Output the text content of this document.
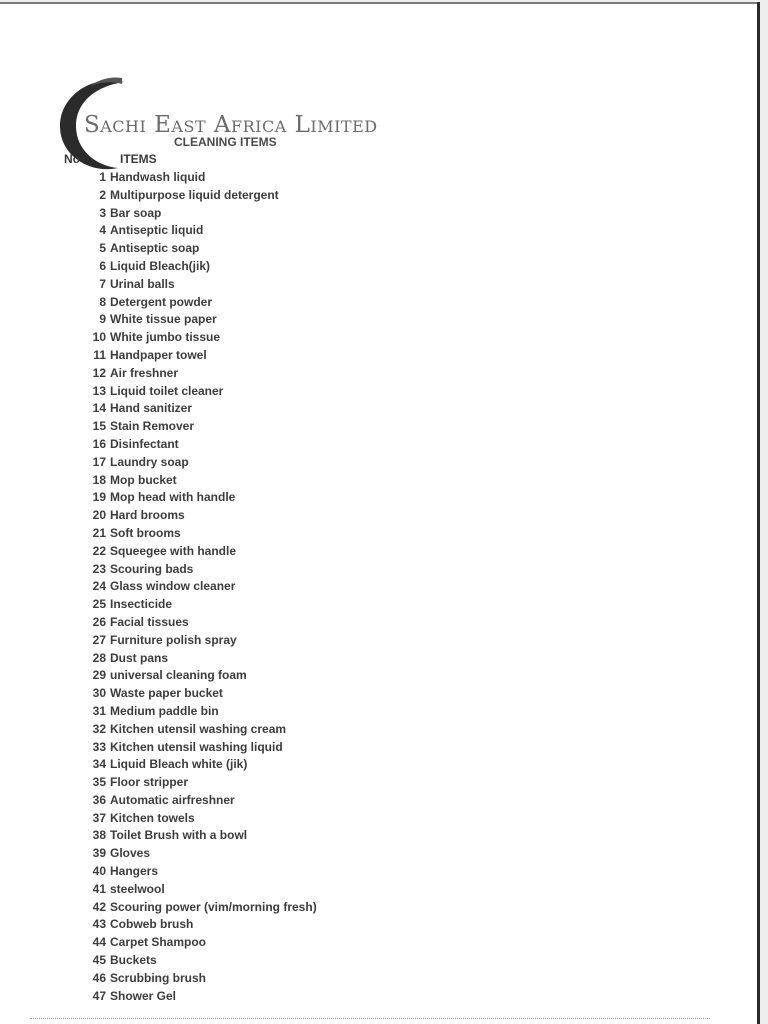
Sachi East Africa Limited
CLEANING ITEMS
No	ITEMS
1 Handwash liquid
2 Multipurpose liquid detergent
3 Bar soap
4 Antiseptic liquid
5 Antiseptic soap
6 Liquid Bleach(jik)
7 Urinal balls
8 Detergent powder
9 White tissue paper
10 White jumbo tissue
11 Handpaper towel
12 Air freshner
13 Liquid toilet cleaner
14 Hand sanitizer
15 Stain Remover
16 Disinfectant
17 Laundry soap
18 Mop bucket
19 Mop head with handle
20 Hard brooms
21 Soft brooms
22 Squeegee with handle
23 Scouring bads
24 Glass window cleaner
25 Insecticide
26 Facial tissues
27 Furniture polish spray
28 Dust pans
29 universal cleaning foam
30 Waste paper bucket
31 Medium paddle bin
32 Kitchen utensil washing cream
33 Kitchen utensil washing liquid
34 Liquid Bleach white (jik)
35 Floor stripper
36 Automatic airfreshner
37 Kitchen towels
38 Toilet Brush with a bowl
39 Gloves
40 Hangers
41 steelwool
42 Scouring power (vim/morning fresh)
43 Cobweb brush
44 Carpet Shampoo
45 Buckets
46 Scrubbing brush
47 Shower Gel
